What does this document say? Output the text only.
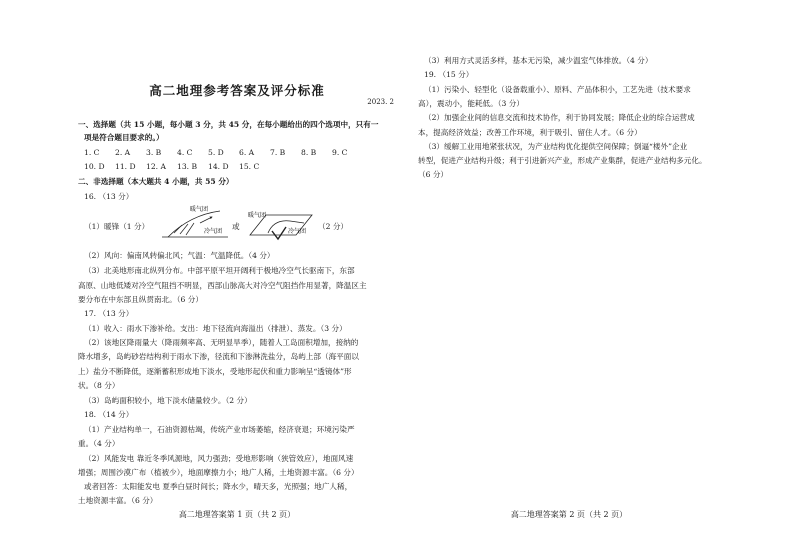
高二地理参考答案及评分标准
2023. 2
一、选择题（共 15 小题，每小题 3 分，共 45 分，在每小题给出的四个选项中，只有一
项是符合题目要求的。）
1. C	2. A	3. B	4. C	5. D	6. A	7. B	8. B	9. C
10. D	11. D	12. A	13. B	14. D	15. C
二、非选择题（本大题共 4 小题，共 55 分）
16. （13 分）
（1）暖锋（1 分）
暖气团
冷气团
或
暖气团
冷气团
（2 分）
（2）风向：偏南风转偏北风；气温：气温降低。（4 分）
（3）北美地形南北纵列分布。中部平原平坦开阔利于极地冷空气长驱南下，东部
高原、山地低矮对冷空气阻挡不明显，西部山脉高大对冷空气阻挡作用显著，降温区主
要分布在中东部且纵贯南北。（6 分）
17. （13 分）
（1）收入：雨水下渗补给。支出：地下径流向海溢出（排泄）、蒸发。（3 分）
（2）该地区降雨量大（降雨频率高、无明显旱季），随着人工岛面积增加，接纳的
降水增多，岛屿砂岩结构利于雨水下渗，径流和下渗淋洗盐分，岛屿上部（海平面以
上）盐分不断降低，逐渐蓄积形成地下淡水，受地形起伏和重力影响呈“透镜体”形
状。（8 分）
（3）岛屿面积较小，地下淡水储量较少。（2 分）
18. （14 分）
（1）产业结构单一，石油资源枯竭，传统产业市场萎缩，经济衰退；环境污染严
重。（4 分）
（2）风能发电 靠近冬季风源地，风力强劲；受地形影响（狭管效应），地面风速
增强；周围沙漠广布（植被少），地面摩擦力小；地广人稀，土地资源丰富。（6 分）
或者回答：太阳能发电 夏季白昼时间长；降水少，晴天多，光照强；地广人稀，
土地资源丰富。（6 分）
高二地理答案第 1 页（共 2 页）
（3）利用方式灵活多样，基本无污染，减少温室气体排放。（4 分）
19. （15 分）
（1）污染小、轻型化（设备载重小）、原料、产品体积小，工艺先进（技术要求
高），震动小，能耗低。（3 分）
（2）加强企业间的信息交流和技术协作，利于协同发展；降低企业的综合运营成
本，提高经济效益；改善工作环境，利于吸引、留住人才。（6 分）
（3）缓解工业用地紧张状况，为产业结构优化提供空间保障；倒逼“楼外”企业
转型，促进产业结构升级；利于引进新兴产业，形成产业集群，促进产业结构多元化。
（6 分）
高二地理答案第 2 页（共 2 页）
